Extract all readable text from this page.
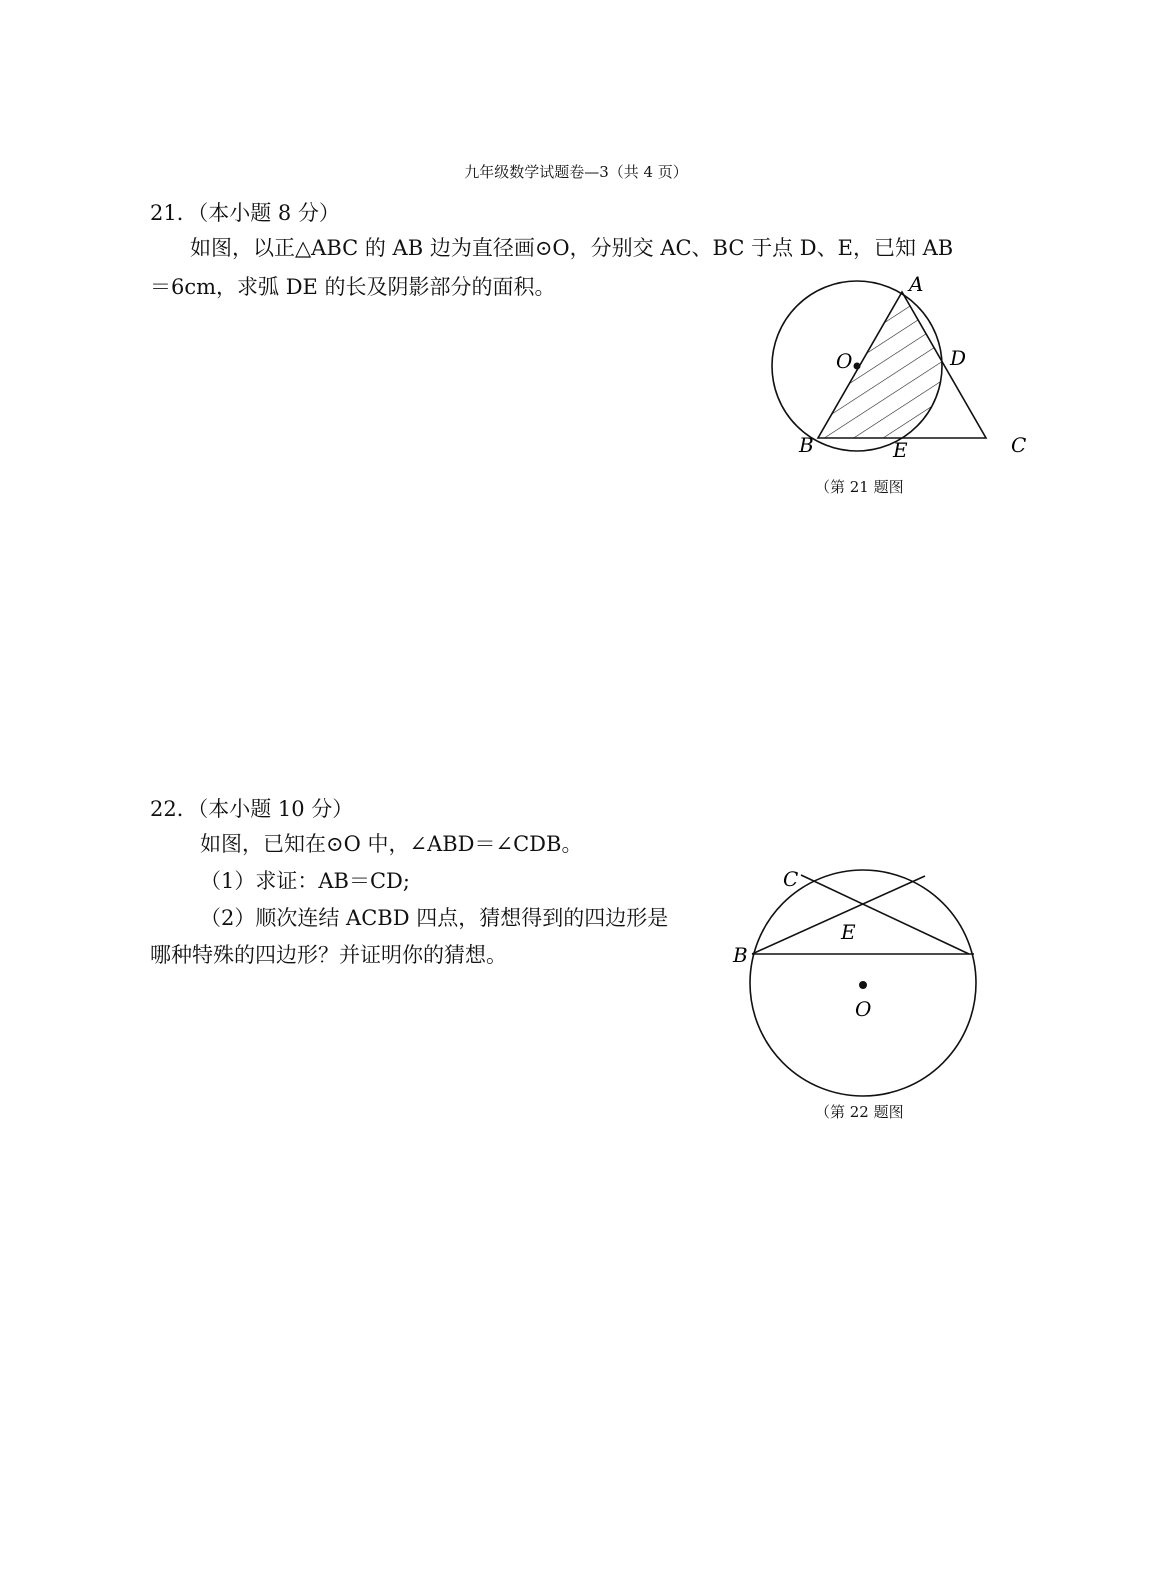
九年级数学试题卷—3（共 4 页）
21．（本小题 8 分）
如图，以正△ABC 的 AB 边为直径画⊙O，分别交 AC、BC 于点 D、E，已知 AB
＝6cm，求弧 DE 的长及阴影部分的面积。	A
O	D
B	E	C
（第 21 题图
22．（本小题 10 分）
如图，已知在⊙O 中，∠ABD＝∠CDB。
（1）求证：AB＝CD;
（2）顺次连结 ACBD 四点，猜想得到的四边形是
哪种特殊的四边形？并证明你的猜想。
C
E
B
O
（第 22 题图
